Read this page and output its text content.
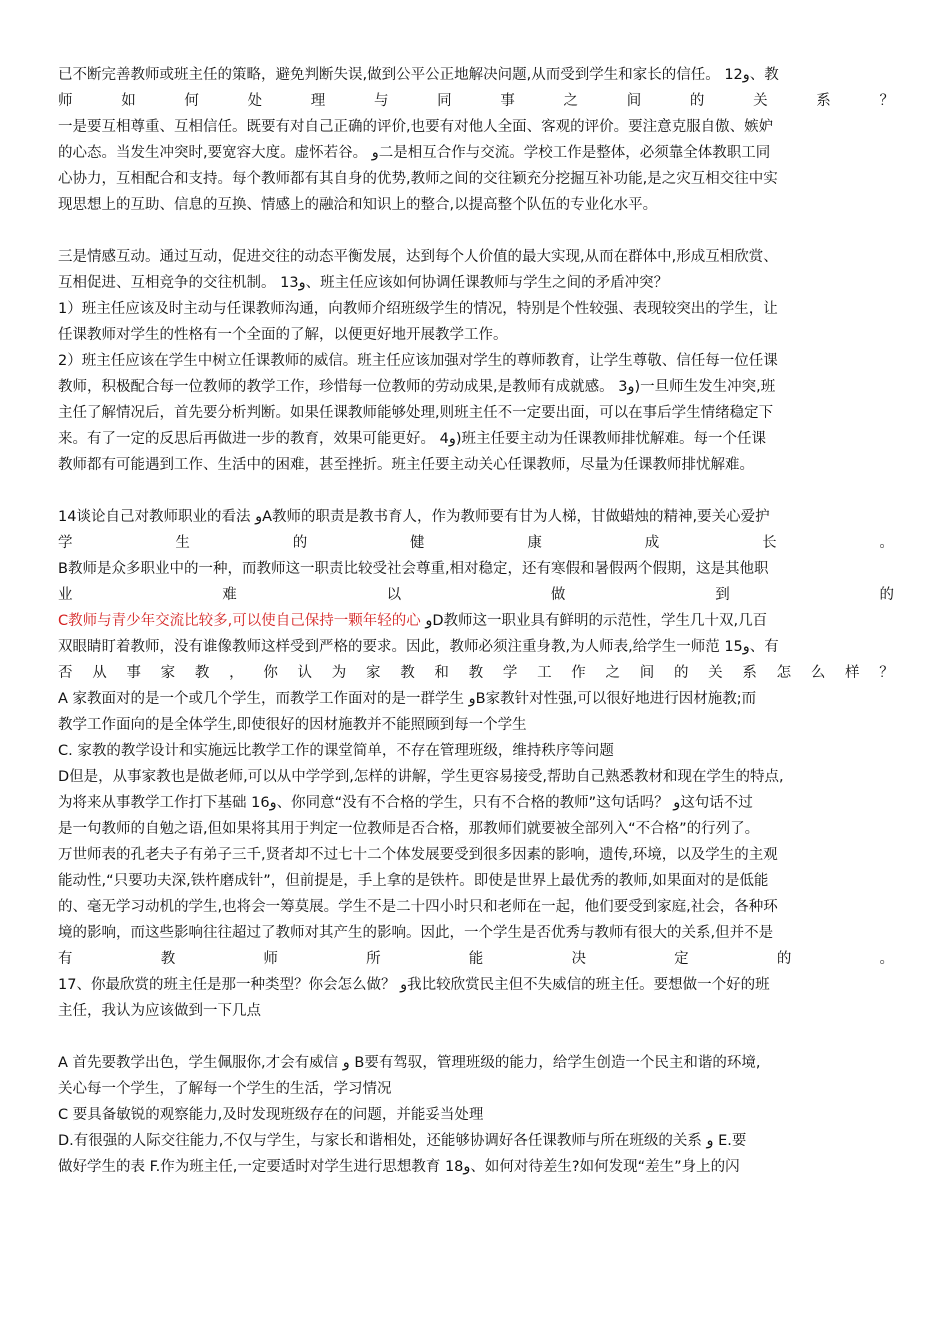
已不断完善教师或班主任的策略，避免判断失误,做到公平公正地解决问题,从而受到学生和家长的信任。 12و、教
师	如	何	处	理	与	同	事	之	间	的	关	系	？
一是要互相尊重、互相信任。既要有对自己正确的评价,也要有对他人全面、客观的评价。要注意克服自傲、嫉妒
的心态。当发生冲突时,要宽容大度。虚怀若谷。 و二是相互合作与交流。学校工作是整体，必须靠全体教职工同
心协力，互相配合和支持。每个教师都有其自身的优势,教师之间的交往颖充分挖掘互补功能,是之灾互相交往中实
现思想上的互助、信息的互换、情感上的融洽和知识上的整合,以提高整个队伍的专业化水平。
三是情感互动。通过互动，促进交往的动态平衡发展，达到每个人价值的最大实现,从而在群体中,形成互相欣赏、
互相促进、互相竞争的交往机制。 13و、班主任应该如何协调任课教师与学生之间的矛盾冲突？
1）班主任应该及时主动与任课教师沟通，向教师介绍班级学生的情况，特别是个性较强、表现较突出的学生，让
任课教师对学生的性格有一个全面的了解，以便更好地开展教学工作。
2）班主任应该在学生中树立任课教师的威信。班主任应该加强对学生的尊师教育，让学生尊敬、信任每一位任课
教师，积极配合每一位教师的教学工作，珍惜每一位教师的劳动成果,是教师有成就感。 3و)一旦师生发生冲突,班
主任了解情况后，首先要分析判断。如果任课教师能够处理,则班主任不一定要出面，可以在事后学生情绪稳定下
来。有了一定的反思后再做进一步的教育，效果可能更好。 4و)班主任要主动为任课教师排忧解难。每一个任课
教师都有可能遇到工作、生活中的困难，甚至挫折。班主任要主动关心任课教师，尽量为任课教师排忧解难。
14谈论自己对教师职业的看法 وA教师的职责是教书育人，作为教师要有甘为人梯，甘做蜡烛的精神,要关心爱护
学	生	的	健	康	成	长	。
B教师是众多职业中的一种，而教师这一职责比较受社会尊重,相对稳定，还有寒假和暑假两个假期，这是其他职
业	难	以	做	到	的
C教师与青少年交流比较多,可以使自己保持一颗年轻的心 وD教师这一职业具有鲜明的示范性，学生几十双,几百
双眼睛盯着教师，没有谁像教师这样受到严格的要求。因此，教师必须注重身教,为人师表,给学生一师范 15و、有
否 从 事 家 教 ， 你 认 为 家 教 和 教 学 工 作 之 间 的 关 系 怎 么 样 ？
A 家教面对的是一个或几个学生，而教学工作面对的是一群学生 وB家教针对性强,可以很好地进行因材施教;而
教学工作面向的是全体学生,即使很好的因材施教并不能照顾到每一个学生
C. 家教的教学设计和实施远比教学工作的课堂简单，不存在管理班级，维持秩序等问题
D但是，从事家教也是做老师,可以从中学学到,怎样的讲解，学生更容易接受,帮助自己熟悉教材和现在学生的特点,
为将来从事教学工作打下基础 16و、你同意“没有不合格的学生，只有不合格的教师”这句话吗？ و这句话不过
是一句教师的自勉之语,但如果将其用于判定一位教师是否合格，那教师们就要被全部列入“不合格”的行列了。
万世师表的孔老夫子有弟子三千,贤者却不过七十二个体发展要受到很多因素的影响，遗传,环境，以及学生的主观
能动性,“只要功夫深,铁杵磨成针”，但前提是，手上拿的是铁杵。即使是世界上最优秀的教师,如果面对的是低能
的、毫无学习动机的学生,也将会一筹莫展。学生不是二十四小时只和老师在一起，他们要受到家庭,社会，各种环
境的影响，而这些影响往往超过了教师对其产生的影响。因此，一个学生是否优秀与教师有很大的关系,但并不是
有	教	师	所	能	决	定	的	。
17、你最欣赏的班主任是那一种类型？你会怎么做？ و我比较欣赏民主但不失威信的班主任。要想做一个好的班
主任，我认为应该做到一下几点
A 首先要教学出色，学生佩服你,才会有威信 و B要有驾驭，管理班级的能力，给学生创造一个民主和谐的环境,
关心每一个学生，了解每一个学生的生活，学习情况
C 要具备敏锐的观察能力,及时发现班级存在的问题，并能妥当处理
D.有很强的人际交往能力,不仅与学生，与家长和谐相处，还能够协调好各任课教师与所在班级的关系 و E.要
做好学生的表 F.作为班主任,一定要适时对学生进行思想教育 18و、如何对待差生?如何发现“差生”身上的闪
